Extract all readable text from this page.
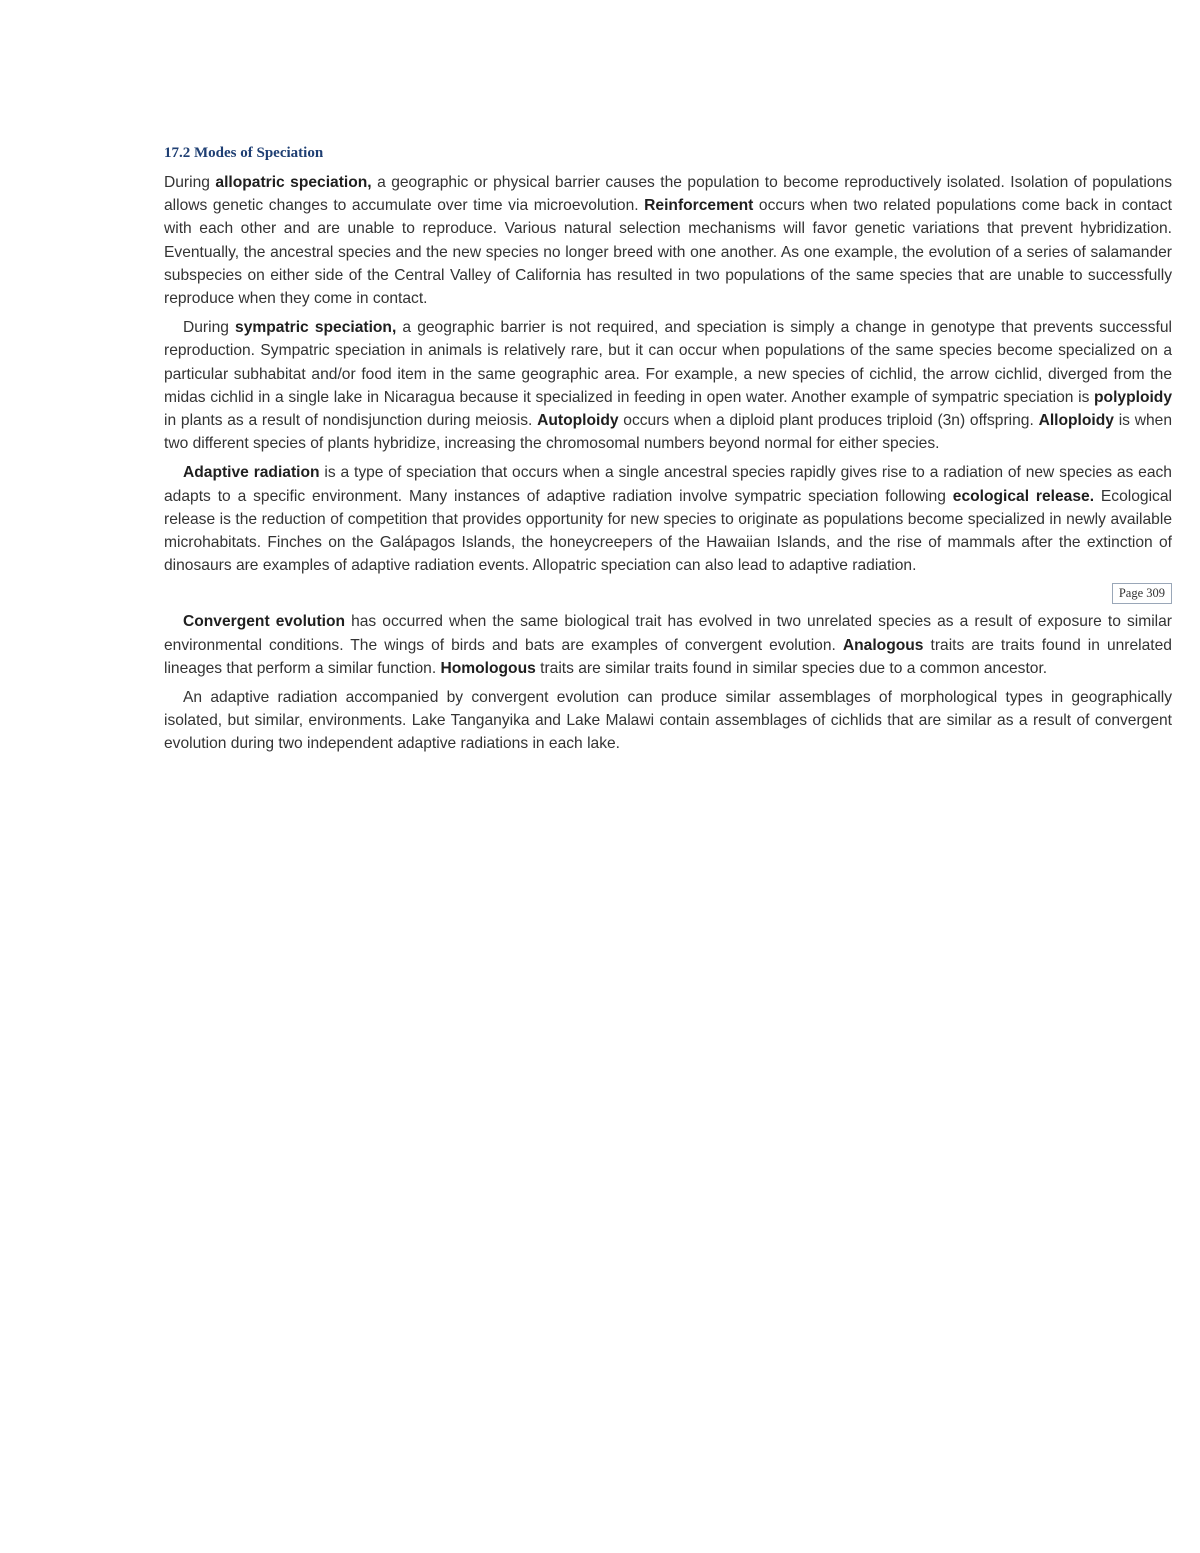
17.2 Modes of Speciation

During allopatric speciation, a geographic or physical barrier causes the population to become reproductively isolated. Isolation of populations allows genetic changes to accumulate over time via microevolution. Reinforcement occurs when two related populations come back in contact with each other and are unable to reproduce. Various natural selection mechanisms will favor genetic variations that prevent hybridization. Eventually, the ancestral species and the new species no longer breed with one another. As one example, the evolution of a series of salamander subspecies on either side of the Central Valley of California has resulted in two populations of the same species that are unable to successfully reproduce when they come in contact.

During sympatric speciation, a geographic barrier is not required, and speciation is simply a change in genotype that prevents successful reproduction. Sympatric speciation in animals is relatively rare, but it can occur when populations of the same species become specialized on a particular subhabitat and/or food item in the same geographic area. For example, a new species of cichlid, the arrow cichlid, diverged from the midas cichlid in a single lake in Nicaragua because it specialized in feeding in open water. Another example of sympatric speciation is polyploidy in plants as a result of nondisjunction during meiosis. Autoploidy occurs when a diploid plant produces triploid (3n) offspring. Alloploidy is when two different species of plants hybridize, increasing the chromosomal numbers beyond normal for either species.

Adaptive radiation is a type of speciation that occurs when a single ancestral species rapidly gives rise to a radiation of new species as each adapts to a specific environment. Many instances of adaptive radiation involve sympatric speciation following ecological release. Ecological release is the reduction of competition that provides opportunity for new species to originate as populations become specialized in newly available microhabitats. Finches on the Galápagos Islands, the honeycreepers of the Hawaiian Islands, and the rise of mammals after the extinction of dinosaurs are examples of adaptive radiation events. Allopatric speciation can also lead to adaptive radiation.

Page 309

Convergent evolution has occurred when the same biological trait has evolved in two unrelated species as a result of exposure to similar environmental conditions. The wings of birds and bats are examples of convergent evolution. Analogous traits are traits found in unrelated lineages that perform a similar function. Homologous traits are similar traits found in similar species due to a common ancestor.

An adaptive radiation accompanied by convergent evolution can produce similar assemblages of morphological types in geographically isolated, but similar, environments. Lake Tanganyika and Lake Malawi contain assemblages of cichlids that are similar as a result of convergent evolution during two independent adaptive radiations in each lake.
